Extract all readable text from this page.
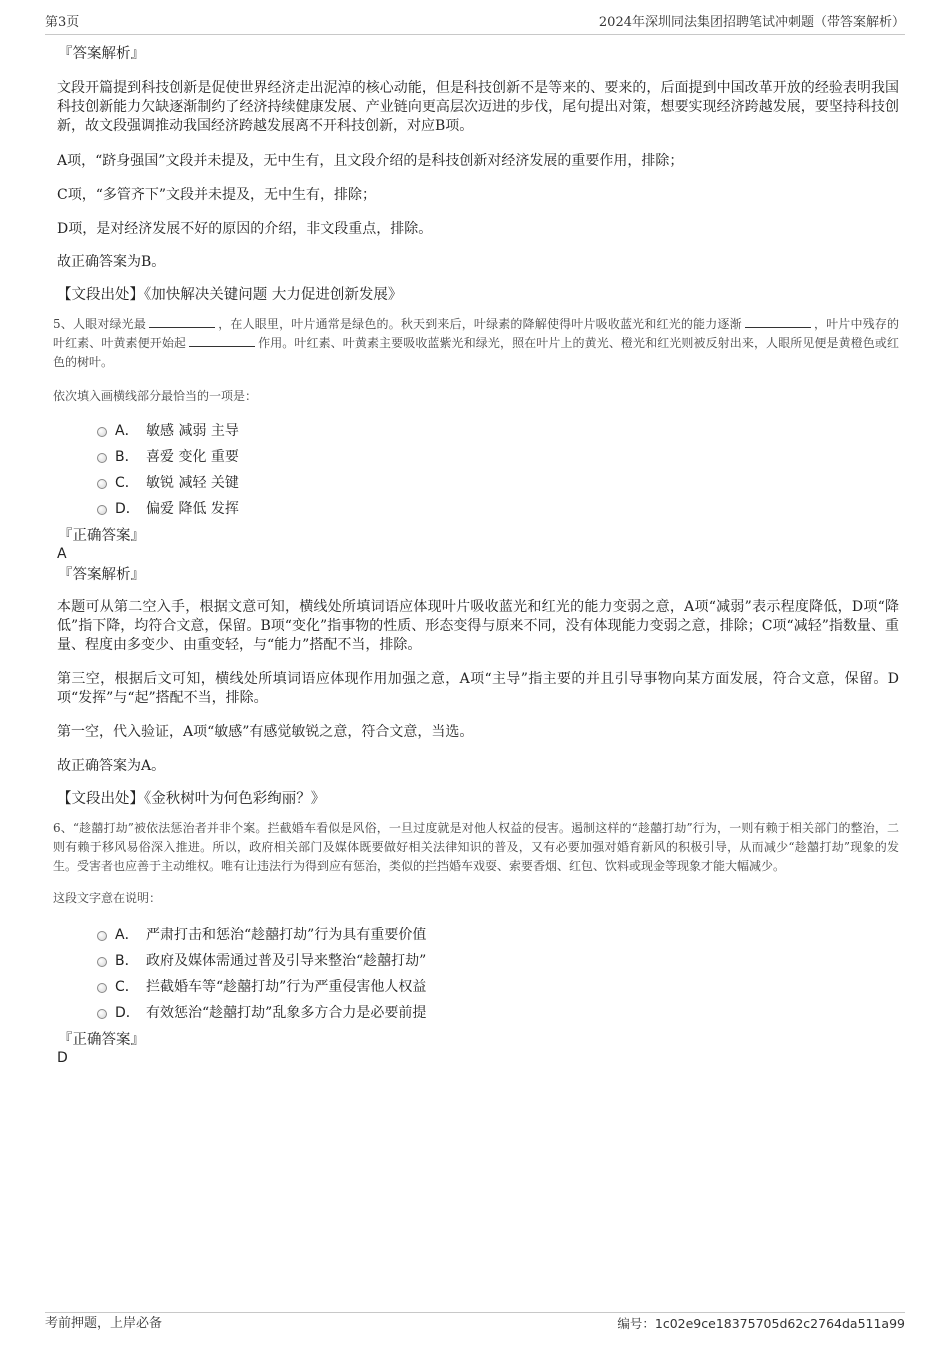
第3页	2024年深圳同法集团招聘笔试冲刺题（带答案解析）
『答案解析』

文段开篇提到科技创新是促使世界经济走出泥淖的核心动能，但是科技创新不是等来的、要来的，后面提到中国改革开放的经验表明我国科技创新能力欠缺逐渐制约了经济持续健康发展、产业链向更高层次迈进的步伐，尾句提出对策，想要实现经济跨越发展，要坚持科技创新，故文段强调推动我国经济跨越发展离不开科技创新，对应B项。

A项，“跻身强国”文段并未提及，无中生有，且文段介绍的是科技创新对经济发展的重要作用，排除；

C项，“多管齐下”文段并未提及，无中生有，排除；

D项，是对经济发展不好的原因的介绍，非文段重点，排除。

故正确答案为B。

【文段出处】《加快解决关键问题 大力促进创新发展》

5、人眼对绿光最	，在人眼里，叶片通常是绿色的。秋天到来后，叶绿素的降解使得叶片吸收蓝光和红光的能力逐渐	，叶片中残存的叶红素、叶黄素便开始起	作用。叶红素、叶黄素主要吸收蓝紫光和绿光，照在叶片上的黄光、橙光和红光则被反射出来，人眼所见便是黄橙色或红色的树叶。

依次填入画横线部分最恰当的一项是：

A． 敏感 减弱 主导
B． 喜爱 变化 重要
C． 敏锐 减轻 关键
D． 偏爱 降低 发挥
『正确答案』

A

『答案解析』

本题可从第二空入手，根据文意可知，横线处所填词语应体现叶片吸收蓝光和红光的能力变弱之意，A项“减弱”表示程度降低，D项“降低”指下降，均符合文意，保留。B项“变化”指事物的性质、形态变得与原来不同，没有体现能力变弱之意，排除；C项“减轻”指数量、重量、程度由多变少、由重变轻，与“能力”搭配不当，排除。

第三空，根据后文可知，横线处所填词语应体现作用加强之意，A项“主导”指主要的并且引导事物向某方面发展，符合文意，保留。D项“发挥”与“起”搭配不当，排除。

第一空，代入验证，A项“敏感”有感觉敏锐之意，符合文意，当选。

故正确答案为A。

【文段出处】《金秋树叶为何色彩绚丽？》

6、“趁囍打劫”被依法惩治者并非个案。拦截婚车看似是风俗，一旦过度就是对他人权益的侵害。遏制这样的“趁囍打劫”行为，一则有赖于相关部门的整治，二则有赖于移风易俗深入推进。所以，政府相关部门及媒体既要做好相关法律知识的普及，又有必要加强对婚育新风的积极引导，从而减少“趁囍打劫”现象的发生。受害者也应善于主动维权。唯有让违法行为得到应有惩治，类似的拦挡婚车戏耍、索要香烟、红包、饮料或现金等现象才能大幅减少。

这段文字意在说明：

A． 严肃打击和惩治“趁囍打劫”行为具有重要价值
B． 政府及媒体需通过普及引导来整治“趁囍打劫”
C． 拦截婚车等“趁囍打劫”行为严重侵害他人权益
D． 有效惩治“趁囍打劫”乱象多方合力是必要前提
『正确答案』

D

考前押题，上岸必备	编号：1c02e9ce18375705d62c2764da511a99
